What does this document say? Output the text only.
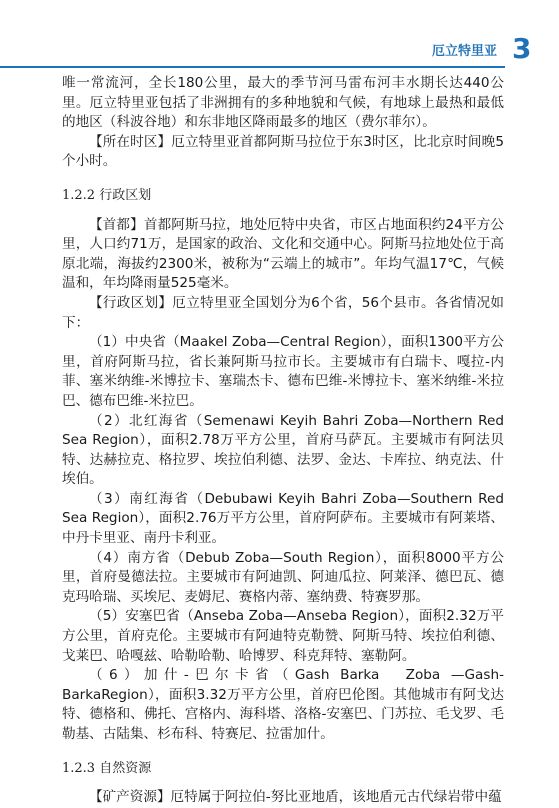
厄立特里亚 3

唯一常流河，全长180公里，最大的季节河马雷布河丰水期长达440公里。厄立特里亚包括了非洲拥有的多种地貌和气候，有地球上最热和最低的地区（科波谷地）和东非地区降雨最多的地区（费尔菲尔）。

【所在时区】厄立特里亚首都阿斯马拉位于东3时区，比北京时间晚5个小时。

1.2.2 行政区划

【首都】首都阿斯马拉，地处厄特中央省，市区占地面积约24平方公里，人口约71万，是国家的政治、文化和交通中心。阿斯马拉地处位于高原北端，海拔约2300米，被称为“云端上的城市”。年均气温17℃，气候温和，年均降雨量525毫米。

【行政区划】厄立特里亚全国划分为6个省，56个县市。各省情况如下：

（1）中央省（Maakel Zoba—Central Region），面积1300平方公里，首府阿斯马拉，省长兼阿斯马拉市长。主要城市有白瑞卡、嘎拉-内菲、塞米纳维-米博拉卡、塞瑞杰卡、德布巴维-米博拉卡、塞米纳维-米拉巴、德布巴维-米拉巴。

（2）北红海省（Semenawi Keyih Bahri Zoba—Northern Red Sea Region），面积2.78万平方公里，首府马萨瓦。主要城市有阿法贝特、达赫拉克、格拉罗、埃拉伯利德、法罗、金达、卡库拉、纳克法、什埃伯。

（3）南红海省（Debubawi Keyih Bahri Zoba—Southern Red Sea Region），面积2.76万平方公里，首府阿萨布。主要城市有阿莱塔、中丹卡里亚、南丹卡利亚。

（4）南方省（Debub Zoba—South Region），面积8000平方公里，首府曼德法拉。主要城市有阿迪凯、阿迪瓜拉、阿莱泽、德巴瓦、德克玛哈瑞、买埃尼、麦姆尼、赛格内蒂、塞纳费、特赛罗那。

（5）安塞巴省（Anseba Zoba—Anseba Region），面积2.32万平方公里，首府克伦。主要城市有阿迪特克勒赞、阿斯马特、埃拉伯利德、戈莱巴、哈嘎兹、哈勒哈勒、哈博罗、科克拜特、塞勒阿。

（6）加什-巴尔卡省（Gash Barka　Zoba —Gash-BarkaRegion），面积3.32万平方公里，首府巴伦图。其他城市有阿戈达特、德格和、佛托、宫格内、海科塔、洛格-安塞巴、门苏拉、毛戈罗、毛勒基、古陆集、杉布科、特赛尼、拉雷加什。

1.2.3 自然资源

【矿产资源】厄特属于阿拉伯-努比亚地盾，该地盾元古代绿岩带中蕴
